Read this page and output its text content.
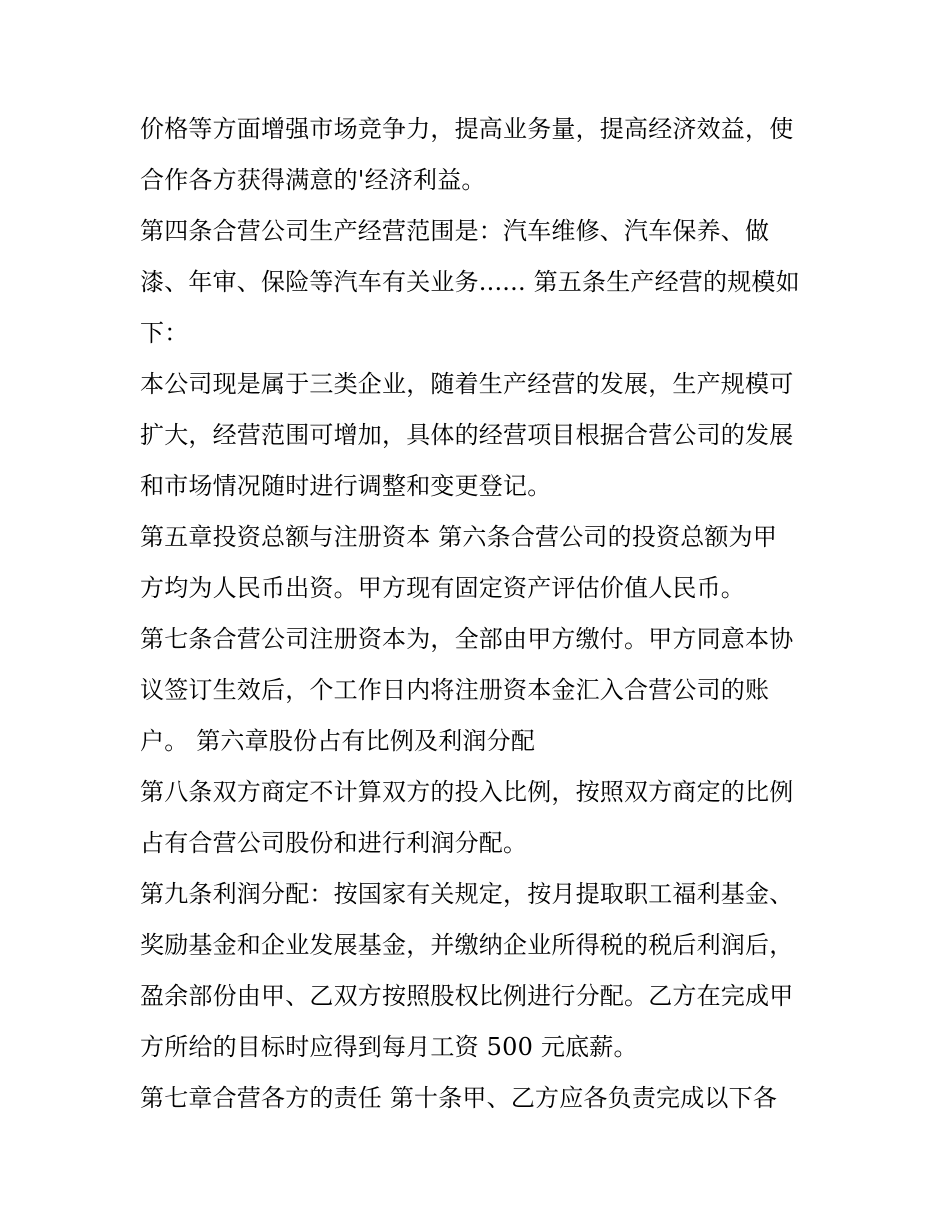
价格等方面增强市场竞争力，提高业务量，提高经济效益，使
合作各方获得满意的'经济利益。

第四条合营公司生产经营范围是：汽车维修、汽车保养、做
漆、年审、保险等汽车有关业务...... 第五条生产经营的规模如
下：

本公司现是属于三类企业，随着生产经营的发展，生产规模可
扩大，经营范围可增加，具体的经营项目根据合营公司的发展
和市场情况随时进行调整和变更登记。

第五章投资总额与注册资本 第六条合营公司的投资总额为甲
方均为人民币出资。甲方现有固定资产评估价值人民币。

第七条合营公司注册资本为，全部由甲方缴付。甲方同意本协
议签订生效后，个工作日内将注册资本金汇入合营公司的账
户。 第六章股份占有比例及利润分配

第八条双方商定不计算双方的投入比例，按照双方商定的比例
占有合营公司股份和进行利润分配。

第九条利润分配：按国家有关规定，按月提取职工福利基金、
奖励基金和企业发展基金，并缴纳企业所得税的税后利润后，
盈余部份由甲、乙双方按照股权比例进行分配。乙方在完成甲
方所给的目标时应得到每月工资 500 元底薪。

第七章合营各方的责任 第十条甲、乙方应各负责完成以下各
